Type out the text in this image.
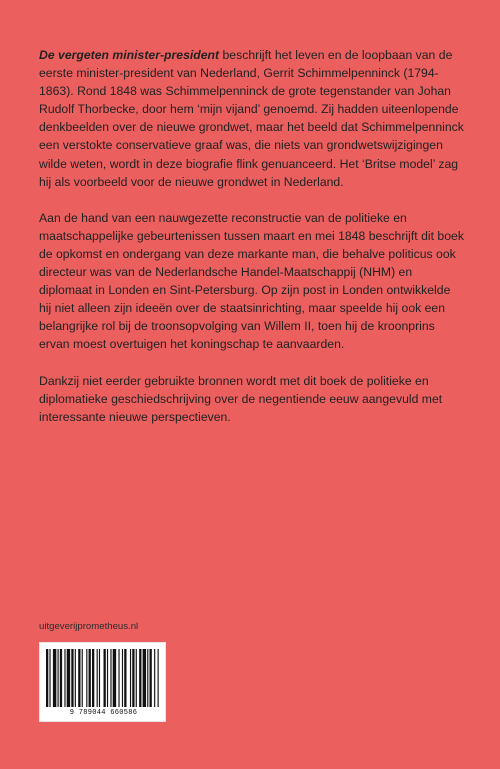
De vergeten minister-president beschrijft het leven en de loopbaan van de eerste minister-president van Nederland, Gerrit Schimmelpenninck (1794-1863). Rond 1848 was Schimmelpenninck de grote tegenstander van Johan Rudolf Thorbecke, door hem ‘mijn vijand’ genoemd. Zij hadden uiteenlopende denkbeelden over de nieuwe grondwet, maar het beeld dat Schimmelpenninck een verstokte conservatieve graaf was, die niets van grondwetswijzigingen wilde weten, wordt in deze biografie flink genuanceerd. Het ‘Britse model’ zag hij als voorbeeld voor de nieuwe grondwet in Nederland.

Aan de hand van een nauwgezette reconstructie van de politieke en maatschappelijke gebeurtenissen tussen maart en mei 1848 beschrijft dit boek de opkomst en ondergang van deze markante man, die behalve politicus ook directeur was van de Nederlandsche Handel-Maatschappij (NHM) en diplomaat in Londen en Sint-Petersburg. Op zijn post in Londen ontwikkelde hij niet alleen zijn ideeën over de staatsinrichting, maar speelde hij ook een belangrijke rol bij de troonsopvolging van Willem II, toen hij de kroonprins ervan moest overtuigen het koningschap te aanvaarden.

Dankzij niet eerder gebruikte bronnen wordt met dit boek de politieke en diplomatieke geschiedschrijving over de negentiende eeuw aangevuld met interessante nieuwe perspectieven.

uitgeverijprometheus.nl
9 789044 660586
